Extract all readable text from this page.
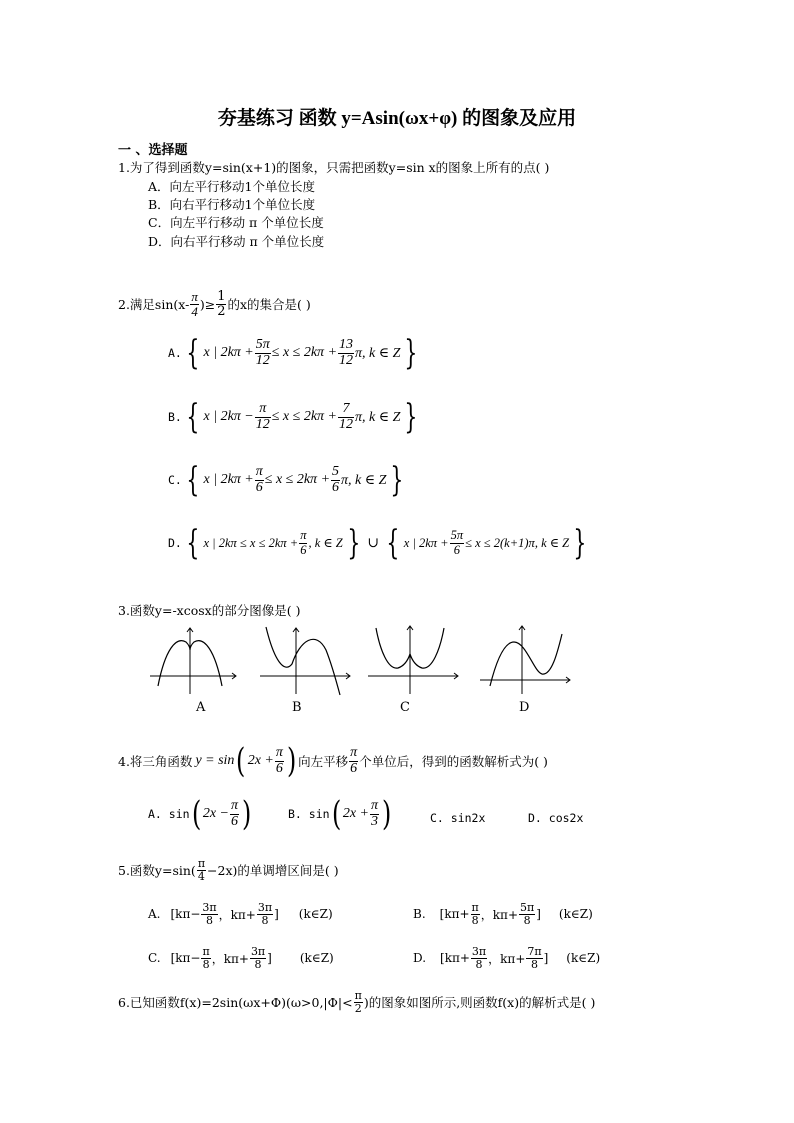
夯基练习 函数 y=Asin(ωx+φ) 的图象及应用
一 、选择题
1.为了得到函数y=sin(x+1)的图象，只需把函数y=sin x的图象上所有的点( )
A．向左平行移动1个单位长度
B．向右平行移动1个单位长度
C．向左平行移动 π 个单位长度
D．向右平行移动 π 个单位长度
2.满足$\sin(x- \frac{\pi}{4}$ )≥ $\frac{1}{2}$ 的x的集合是( )
A. { x | $2k\pi + \frac{5\pi}{12} \le x \le 2k\pi + \frac{13}{12} \pi$, k ∈ Z }
B. { x | $2k\pi - \frac{\pi}{12} \le x \le 2k\pi + \frac{7}{12} \pi$, k ∈ Z }
C. { x | $2k\pi + \frac{\pi}{6} \le x \le 2k\pi + \frac{5}{6} \pi$, k ∈ Z }
D. { x | $2k\pi \le x \le 2k\pi + \frac{\pi}{6}$ , k ∈ Z } ∪ { x | $2k\pi + \frac{5\pi}{6} \le x \le 2(k+1)\pi$, k ∈ Z }
3.函数y=-xcosx的部分图像是( )
A	B	C	D
4.将三角函数 y = sin ( $2x + \frac{\pi}{6}$ ) 向左平移 $\frac{\pi}{6}$ 个单位后，得到的函数解析式为( )
A. sin ( $2x - \frac{\pi}{6}$ )	B. sin ( $2x + \frac{\pi}{3}$ )	C. sin2x	D. cos2x
5.函数$y=\sin( \frac{\pi}{4} -2x)$的单调增区间是( )
A. [$k\pi- \frac{3\pi}{8}$ ，$k\pi+ \frac{3\pi}{8}$ ] (k∈Z)	B. [$k\pi+ \frac{\pi}{8}$ ，$k\pi+ \frac{5\pi}{8}$ ] (k∈Z)
C. [$k\pi- \frac{\pi}{8}$ ，$k\pi+ \frac{3\pi}{8}$ ] (k∈Z)	D. [$k\pi+ \frac{3\pi}{8}$ ，$k\pi+ \frac{7\pi}{8}$ ] (k∈Z)
6.已知函数$f(x)=2\sin(\omega x+\Phi)(\omega>0,|\Phi|< \frac{\pi}{2}$ )的图象如图所示,则函数f(x)的解析式是( )
